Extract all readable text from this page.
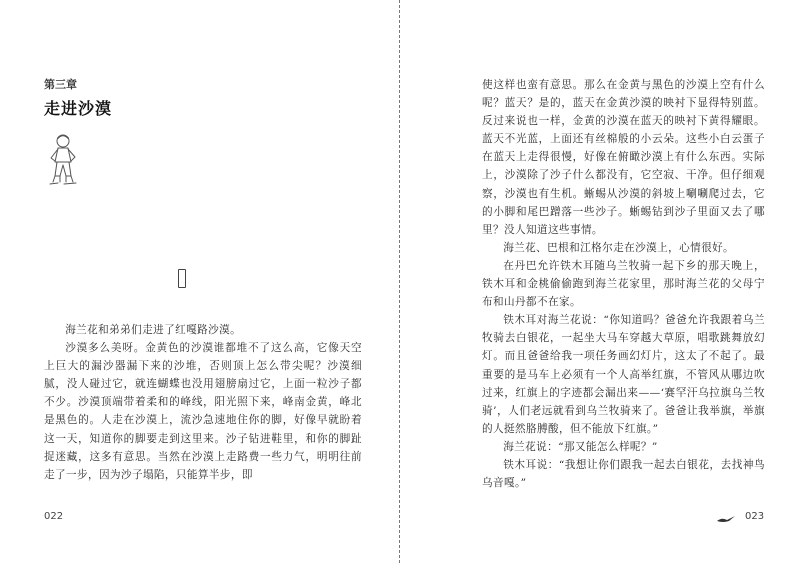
第三章
走进沙漠

海兰花和弟弟们走进了红嘎路沙漠。

沙漠多么美呀。金黄色的沙漠谁都堆不了这么高，它像天空上巨大的漏沙器漏下来的沙堆，否则顶上怎么带尖呢？沙漠细腻，没人碰过它，就连蝴蝶也没用翅膀扇过它，上面一粒沙子都不少。沙漠顶端带着柔和的峰线，阳光照下来，峰南金黄，峰北是黑色的。人走在沙漠上，流沙急速地住你的脚，好像早就盼着这一天，知道你的脚要走到这里来。沙子钻进鞋里，和你的脚趾捉迷藏，这多有意思。当然在沙漠上走路费一些力气，明明往前走了一步，因为沙子塌陷，只能算半步，即

022

使这样也蛮有意思。那么在金黄与黑色的沙漠上空有什么呢？蓝天？是的，蓝天在金黄沙漠的映衬下显得特别蓝。反过来说也一样，金黄的沙漠在蓝天的映衬下黄得耀眼。蓝天不光蓝，上面还有丝棉般的小云朵。这些小白云蛋子在蓝天上走得很慢，好像在俯瞰沙漠上有什么东西。实际上，沙漠除了沙子什么都没有，它空寂、干净。但仔细观察，沙漠也有生机。蜥蜴从沙漠的斜坡上唰唰爬过去，它的小脚和尾巴蹭落一些沙子。蜥蜴钻到沙子里面又去了哪里？没人知道这些事情。

海兰花、巴根和江格尔走在沙漠上，心情很好。

在丹巴允许铁木耳随乌兰牧骑一起下乡的那天晚上，铁木耳和金桃偷偷跑到海兰花家里，那时海兰花的父母宁布和山丹都不在家。

铁木耳对海兰花说：“你知道吗？爸爸允许我跟着乌兰牧骑去白银花，一起坐大马车穿越大草原，唱歌跳舞放幻灯。而且爸爸给我一项任务画幻灯片，这太了不起了。最重要的是马车上必须有一个人高举红旗，不管风从哪边吹过来，红旗上的字迹都会漏出来——‘赛罕汗乌拉旗乌兰牧骑’，人们老远就看到乌兰牧骑来了。爸爸让我举旗，举旗的人挺然胳膊酸，但不能放下红旗。”

海兰花说：“那又能怎么样呢？”

铁木耳说：“我想让你们跟我一起去白银花，去找神鸟乌音嘎。”

023
